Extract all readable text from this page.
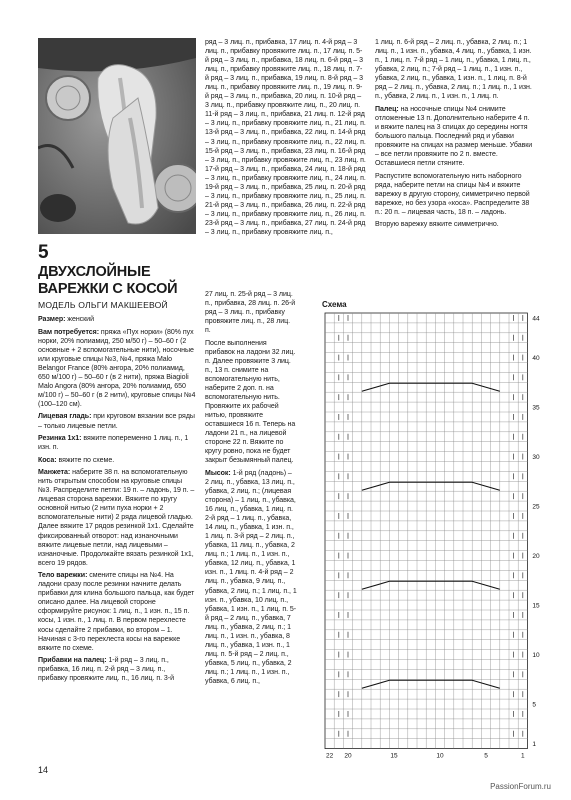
5
ДВУХСЛОЙНЫЕ ВАРЕЖКИ С КОСОЙ
МОДЕЛЬ ОЛЬГИ МАКШЕЕВОЙ

Размер: женский

Вам потребуется: пряжа «Пух норки» (80% пух норки, 20% полиамид, 250 м/50 г) – 50–60 г (2 основные + 2 вспомогательные нити), носочные или круговые спицы №3, №4, пряжа Malo Belangor France (80% ангора, 20% полиамид, 650 м/100 г) – 50–60 г (в 2 нити), пряжа Biagioli Malo Angora (80% ангора, 20% полиамид, 650 м/100 г) – 50–60 г (в 2 нити), круговые спицы №4 (100–120 см).

Лицевая гладь: при круговом вязании все ряды – только лицевые петли.

Резинка 1х1: вяжите попеременно 1 лиц. п., 1 изн. п.

Коса: вяжите по схеме.

Манжета: наберите 38 п. на вспомогательную нить открытым способом на круговые спицы №3. Распределите петли: 19 п. – ладонь, 19 п. – лицевая сторона варежки. Вяжите по кругу основной нитью (2 нити пуха норки + 2 вспомогательные нити) 2 ряда лицевой гладью. Далее вяжите 17 рядов резинкой 1х1. Сделайте фиксированный отворот: над изнаночными вяжите лицевые петли, над лицевыми – изнаночные. Продолжайте вязать резинкой 1х1, всего 19 рядов.

Тело варежки: смените спицы на №4. На ладони сразу после резинки начните делать прибавки для клина большого пальца, как будет описано далее. На лицевой стороне сформируйте рисунок: 1 лиц. п., 1 изн. п., 15 п. косы, 1 изн. п., 1 лиц. п. В первом перехлесте косы сделайте 2 прибавки, во втором – 1. Начиная с 3-го перехлеста косы на варежке вяжите по схеме.

Прибавки на палец: 1-й ряд – 3 лиц. п., прибавка, 16 лиц. п. 2-й ряд – 3 лиц. п., прибавку провяжите лиц. п., 16 лиц. п. 3-й

ряд – 3 лиц. п., прибавка, 17 лиц. п. 4-й ряд – 3 лиц. п., прибавку провяжите лиц. п., 17 лиц. п. 5-й ряд – 3 лиц. п., прибавка, 18 лиц. п. 6-й ряд – 3 лиц. п., прибавку провяжите лиц. п., 18 лиц. п. 7-й ряд – 3 лиц. п., прибавка, 19 лиц. п. 8-й ряд – 3 лиц. п., прибавку провяжите лиц. п., 19 лиц. п. 9-й ряд – 3 лиц. п., прибавка, 20 лиц. п. 10-й ряд – 3 лиц. п., прибавку провяжите лиц. п., 20 лиц. п. 11-й ряд – 3 лиц. п., прибавка, 21 лиц. п. 12-й ряд – 3 лиц. п., прибавку провяжите лиц. п., 21 лиц. п. 13-й ряд – 3 лиц. п., прибавка, 22 лиц. п. 14-й ряд – 3 лиц. п., прибавку провяжите лиц. п., 22 лиц. п. 15-й ряд – 3 лиц. п., прибавка, 23 лиц. п. 16-й ряд – 3 лиц. п., прибавку провяжите лиц. п., 23 лиц. п. 17-й ряд – 3 лиц. п., прибавка, 24 лиц. п. 18-й ряд – 3 лиц. п., прибавку провяжите лиц. п., 24 лиц. п. 19-й ряд – 3 лиц. п., прибавка, 25 лиц. п. 20-й ряд – 3 лиц. п., прибавку провяжите лиц. п., 25 лиц. п. 21-й ряд – 3 лиц. п., прибавка, 26 лиц. п. 22-й ряд – 3 лиц. п., прибавку провяжите лиц. п., 26 лиц. п. 23-й ряд – 3 лиц. п., прибавка, 27 лиц. п. 24-й ряд – 3 лиц. п., прибавку провяжите лиц. п.,

27 лиц. п. 25-й ряд – 3 лиц. п., прибавка, 28 лиц. п. 26-й ряд – 3 лиц. п., прибавку провяжите лиц. п., 28 лиц. п.

После выполнения прибавок на ладони 32 лиц. п. Далее провяжите 3 лиц. п., 13 п. снимите на вспомогательную нить, наберите 2 доп. п. на вспомогательную нить. Провяжите их рабочей нитью, провяжите оставшиеся 16 п. Теперь на ладони 21 п., на лицевой стороне 22 п. Вяжите по кругу ровно, пока не будет закрыт безымянный палец.

Мысок: 1-й ряд (ладонь) – 2 лиц. п., убавка, 13 лиц. п., убавка, 2 лиц. п.; (лицевая сторона) – 1 лиц. п., убавка, 16 лиц. п., убавка, 1 лиц. п. 2-й ряд – 1 лиц. п., убавка, 14 лиц. п., убавка, 1 изн. п., 1 лиц. п. 3-й ряд – 2 лиц. п., убавка, 11 лиц. п., убавка, 2 лиц. п.; 1 лиц. п., 1 изн. п., убавка, 12 лиц. п., убавка, 1 изн. п., 1 лиц. п. 4-й ряд – 2 лиц. п., убавка, 9 лиц. п., убавка, 2 лиц. п.; 1 лиц. п., 1 изн. п., убавка, 10 лиц. п., убавка, 1 изн. п., 1 лиц. п. 5-й ряд – 2 лиц. п., убавка, 7 лиц. п., убавка, 2 лиц. п.; 1 лиц. п., 1 изн. п., убавка, 8 лиц. п., убавка, 1 изн. п., 1 лиц. п. 5-й ряд – 2 лиц. п., убавка, 5 лиц. п., убавка, 2 лиц. п.; 1 лиц. п., 1 изн. п., убавка, 6 лиц. п.,

1 лиц. п. 6-й ряд – 2 лиц. п., убавка, 2 лиц. п.; 1 лиц. п., 1 изн. п., убавка, 4 лиц. п., убавка, 1 изн. п., 1 лиц. п. 7-й ряд – 1 лиц. п., убавка, 1 лиц. п., убавка, 2 лиц. п.; 7-й ряд – 1 лиц. п., 1 изн. п., убавка, 2 лиц. п., убавка, 1 изн. п., 1 лиц. п. 8-й ряд – 2 лиц. п., убавка, 2 лиц. п.; 1 лиц. п., 1 изн. п., убавка, 2 лиц. п., 1 изн. п., 1 лиц. п.

Палец: на носочные спицы №4 снимите отложенные 13 п. Дополнительно наберите 4 п. и вяжите палец на 3 спицах до середины ногтя большого пальца. Последний ряд и убавки провяжите на спицах на размер меньше. Убавки – все петли провяжите по 2 п. вместе. Оставшиеся петли стяните.

Распустите вспомогательную нить наборного ряда, наберите петли на спицы №4 и вяжите варежку в другую сторону, симметрично первой варежке, но без узора «коса». Распределите 38 п.: 20 п. – лицевая часть, 18 п. – ладонь.

Вторую варежку вяжите симметрично.

Схема
1
5
10
15
20
25
30
35
40
44
22 20	15	10	5	1
14
PassionForum.ru
